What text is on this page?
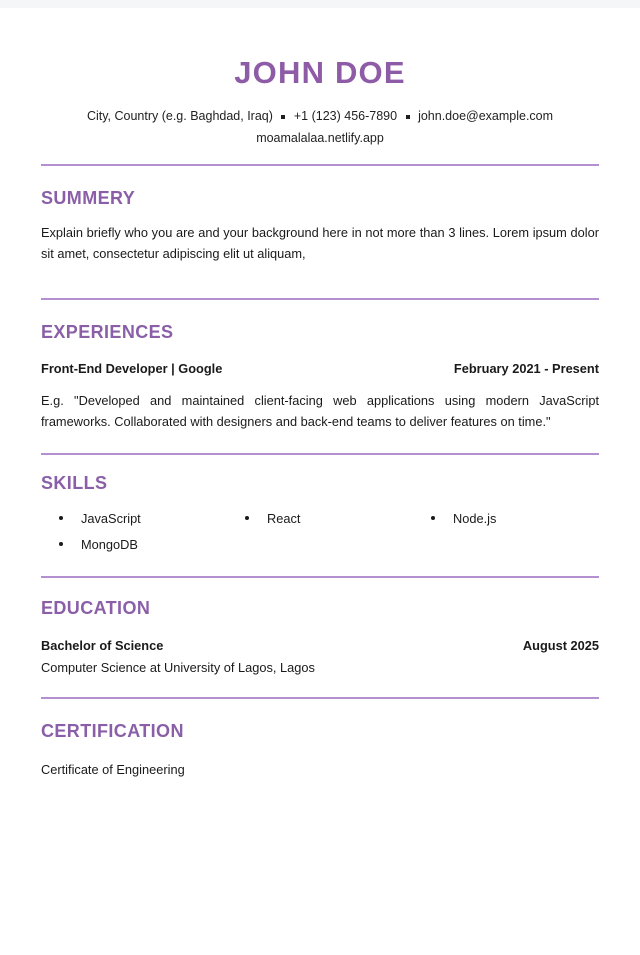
JOHN DOE

City, Country (e.g. Baghdad, Iraq) +1 (123) 456-7890 john.doe@example.com

moamalalaa.netlify.app

SUMMERY

Explain briefly who you are and your background here in not more than 3 lines. Lorem ipsum dolor sit amet, consectetur adipiscing elit ut aliquam,

EXPERIENCES
Front-End Developer | Google	February 2021 - Present

E.g. "Developed and maintained client-facing web applications using modern JavaScript frameworks. Collaborated with designers and back-end teams to deliver features on time."

SKILLS
JavaScript	React	Node.js
MongoDB
EDUCATION
Bachelor of Science	August 2025
Computer Science at University of Lagos, Lagos
CERTIFICATION
Certificate of Engineering
